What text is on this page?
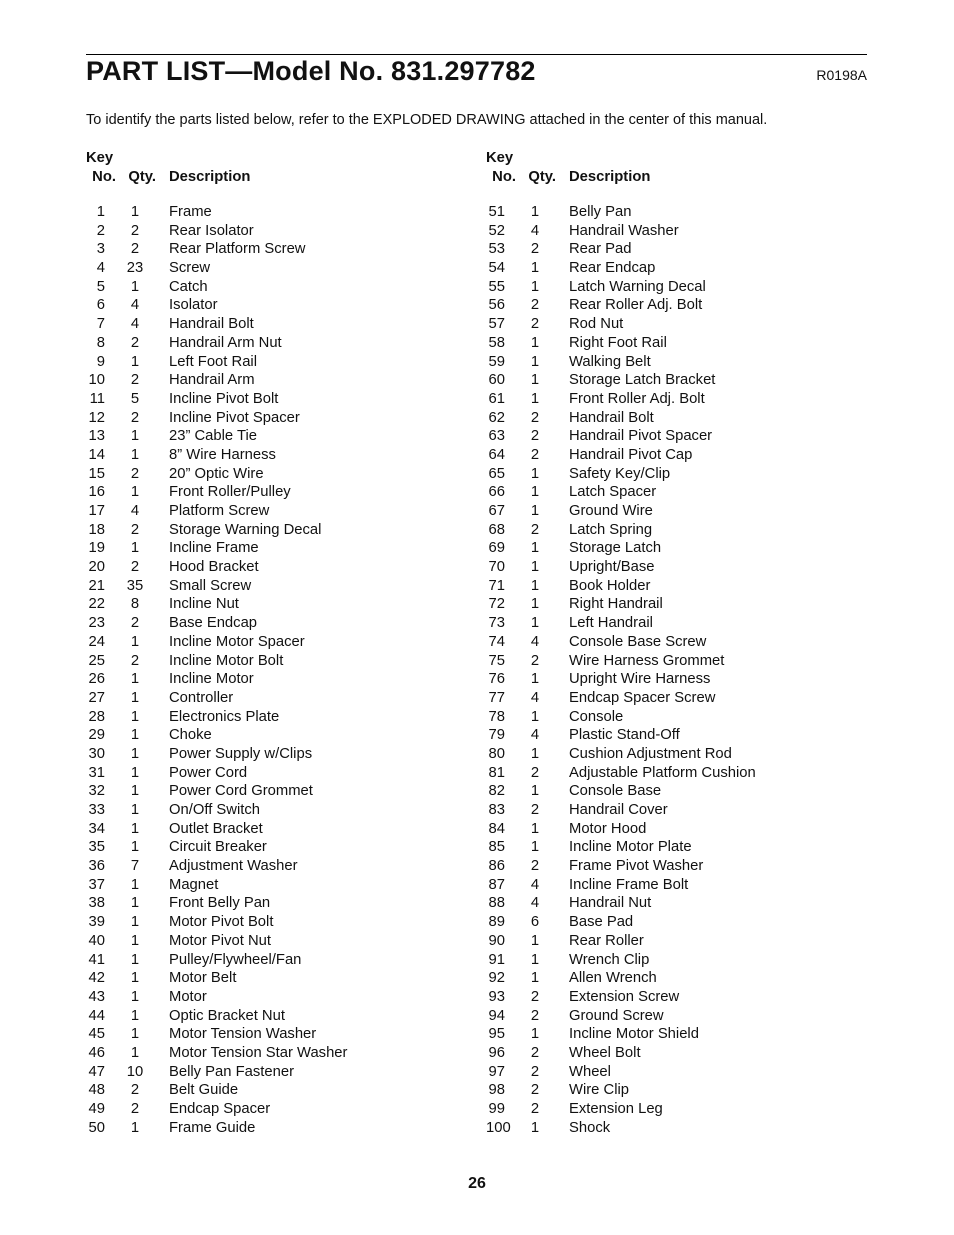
PART LIST—Model No. 831.297782	R0198A
To identify the parts listed below, refer to the EXPLODED DRAWING attached in the center of this manual.
Key
No. Qty. Description
1	1	Frame
2	2	Rear Isolator
3	2	Rear Platform Screw
4	23	Screw
5	1	Catch
6	4	Isolator
7	4	Handrail Bolt
8	2	Handrail Arm Nut
9	1	Left Foot Rail
10	2	Handrail Arm
11	5	Incline Pivot Bolt
12	2	Incline Pivot Spacer
13	1	23” Cable Tie
14	1	8” Wire Harness
15	2	20” Optic Wire
16	1	Front Roller/Pulley
17	4	Platform Screw
18	2	Storage Warning Decal
19	1	Incline Frame
20	2	Hood Bracket
21	35	Small Screw
22	8	Incline Nut
23	2	Base Endcap
24	1	Incline Motor Spacer
25	2	Incline Motor Bolt
26	1	Incline Motor
27	1	Controller
28	1	Electronics Plate
29	1	Choke
30	1	Power Supply w/Clips
31	1	Power Cord
32	1	Power Cord Grommet
33	1	On/Off Switch
34	1	Outlet Bracket
35	1	Circuit Breaker
36	7	Adjustment Washer
37	1	Magnet
38	1	Front Belly Pan
39	1	Motor Pivot Bolt
40	1	Motor Pivot Nut
41	1	Pulley/Flywheel/Fan
42	1	Motor Belt
43	1	Motor
44	1	Optic Bracket Nut
45	1	Motor Tension Washer
46	1	Motor Tension Star Washer
47	10	Belly Pan Fastener
48	2	Belt Guide
49	2	Endcap Spacer
50	1	Frame Guide
Key
No. Qty. Description
51	1	Belly Pan
52	4	Handrail Washer
53	2	Rear Pad
54	1	Rear Endcap
55	1	Latch Warning Decal
56	2	Rear Roller Adj. Bolt
57	2	Rod Nut
58	1	Right Foot Rail
59	1	Walking Belt
60	1	Storage Latch Bracket
61	1	Front Roller Adj. Bolt
62	2	Handrail Bolt
63	2	Handrail Pivot Spacer
64	2	Handrail Pivot Cap
65	1	Safety Key/Clip
66	1	Latch Spacer
67	1	Ground Wire
68	2	Latch Spring
69	1	Storage Latch
70	1	Upright/Base
71	1	Book Holder
72	1	Right Handrail
73	1	Left Handrail
74	4	Console Base Screw
75	2	Wire Harness Grommet
76	1	Upright Wire Harness
77	4	Endcap Spacer Screw
78	1	Console
79	4	Plastic Stand-Off
80	1	Cushion Adjustment Rod
81	2	Adjustable Platform Cushion
82	1	Console Base
83	2	Handrail Cover
84	1	Motor Hood
85	1	Incline Motor Plate
86	2	Frame Pivot Washer
87	4	Incline Frame Bolt
88	4	Handrail Nut
89	6	Base Pad
90	1	Rear Roller
91	1	Wrench Clip
92	1	Allen Wrench
93	2	Extension Screw
94	2	Ground Screw
95	1	Incline Motor Shield
96	2	Wheel Bolt
97	2	Wheel
98	2	Wire Clip
99	2	Extension Leg
100	1	Shock
26
